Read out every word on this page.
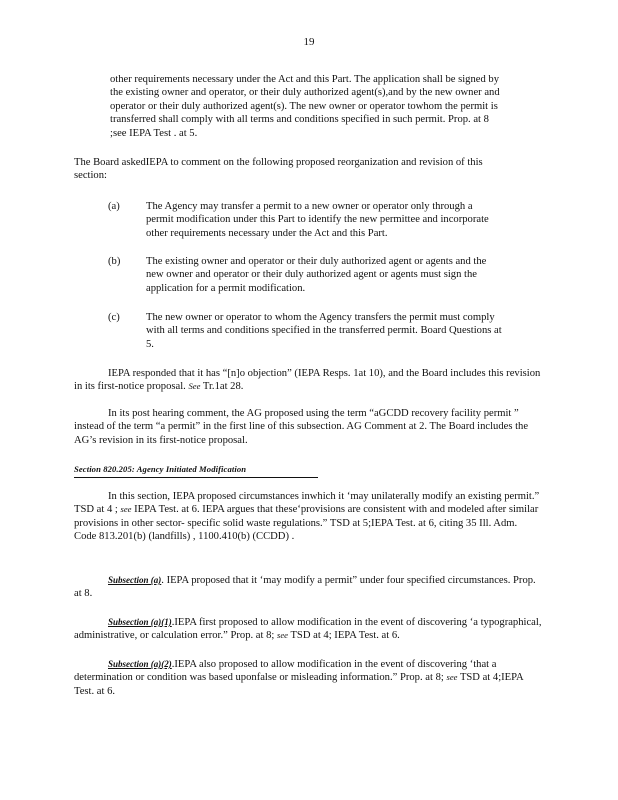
19

other requirements necessary under the Act and this Part. The application shall be signed by the existing owner and operator, or their duly authorized agent(s),and by the new owner and operator or their duly authorized agent(s). The new owner or operator towhom the permit is transferred shall comply with all terms and conditions specified in such permit. Prop. at 8 ;see IEPA Test . at 5.

The Board askedIEPA to comment on the following proposed reorganization and revision of this section:

(a)	The Agency may transfer a permit to a new owner or operator only through a permit modification under this Part to identify the new permittee and incorporate other requirements necessary under the Act and this Part.
(b)	The existing owner and operator or their duly authorized agent or agents and the new owner and operator or their duly authorized agent or agents must sign the application for a permit modification.
(c)	The new owner or operator to whom the Agency transfers the permit must comply with all terms and conditions specified in the transferred permit. Board Questions at 5.

IEPA responded that it has “[n]o objection” (IEPA Resps. 1at 10), and the Board includes this revision in its first-notice proposal. See Tr.1at 28.

In its post hearing comment, the AG proposed using the term “aGCDD recovery facility permit ” instead of the term “a permit” in the first line of this subsection. AG Comment at 2. The Board includes the AG’s revision in its first-notice proposal.

Section 820.205: Agency Initiated Modification

In this section, IEPA proposed circumstances inwhich it ‘may unilaterally modify an existing permit.” TSD at 4 ; see IEPA Test. at 6. IEPA argues that these‘provisions are consistent with and modeled after similar provisions in other sector- specific solid waste regulations.” TSD at 5;IEPA Test. at 6, citing 35 Ill. Adm. Code 813.201(b) (landfills) , 1100.410(b) (CCDD) .

Subsection (a). IEPA proposed that it ‘may modify a permit” under four specified circumstances. Prop. at 8.

Subsection (a)(1).IEPA first proposed to allow modification in the event of discovering ‘a typographical, administrative, or calculation error.” Prop. at 8; see TSD at 4; IEPA Test. at 6.

Subsection (a)(2).IEPA also proposed to allow modification in the event of discovering ‘that a determination or condition was based uponfalse or misleading information.” Prop. at 8; see TSD at 4;IEPA Test. at 6.
